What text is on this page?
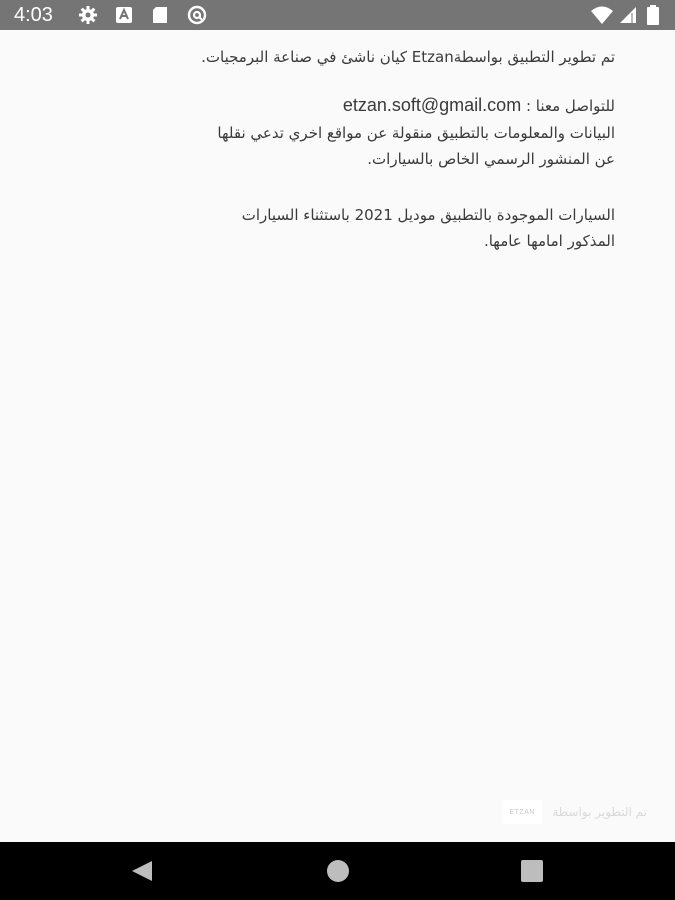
4:03

تم تطوير التطبيق بواسطةEtzan كيان ناشئ في صناعة البرمجيات.

للتواصل معنا : etzan.soft@gmail.com

البيانات والمعلومات بالتطبيق منقولة عن مواقع اخري تدعي نقلها

عن المنشور الرسمي الخاص بالسيارات.

السيارات الموجودة بالتطبيق موديل 2021 باستثناء السيارات

المذكور امامها عامها.

تم التطوير بواسطة
ETZAN
